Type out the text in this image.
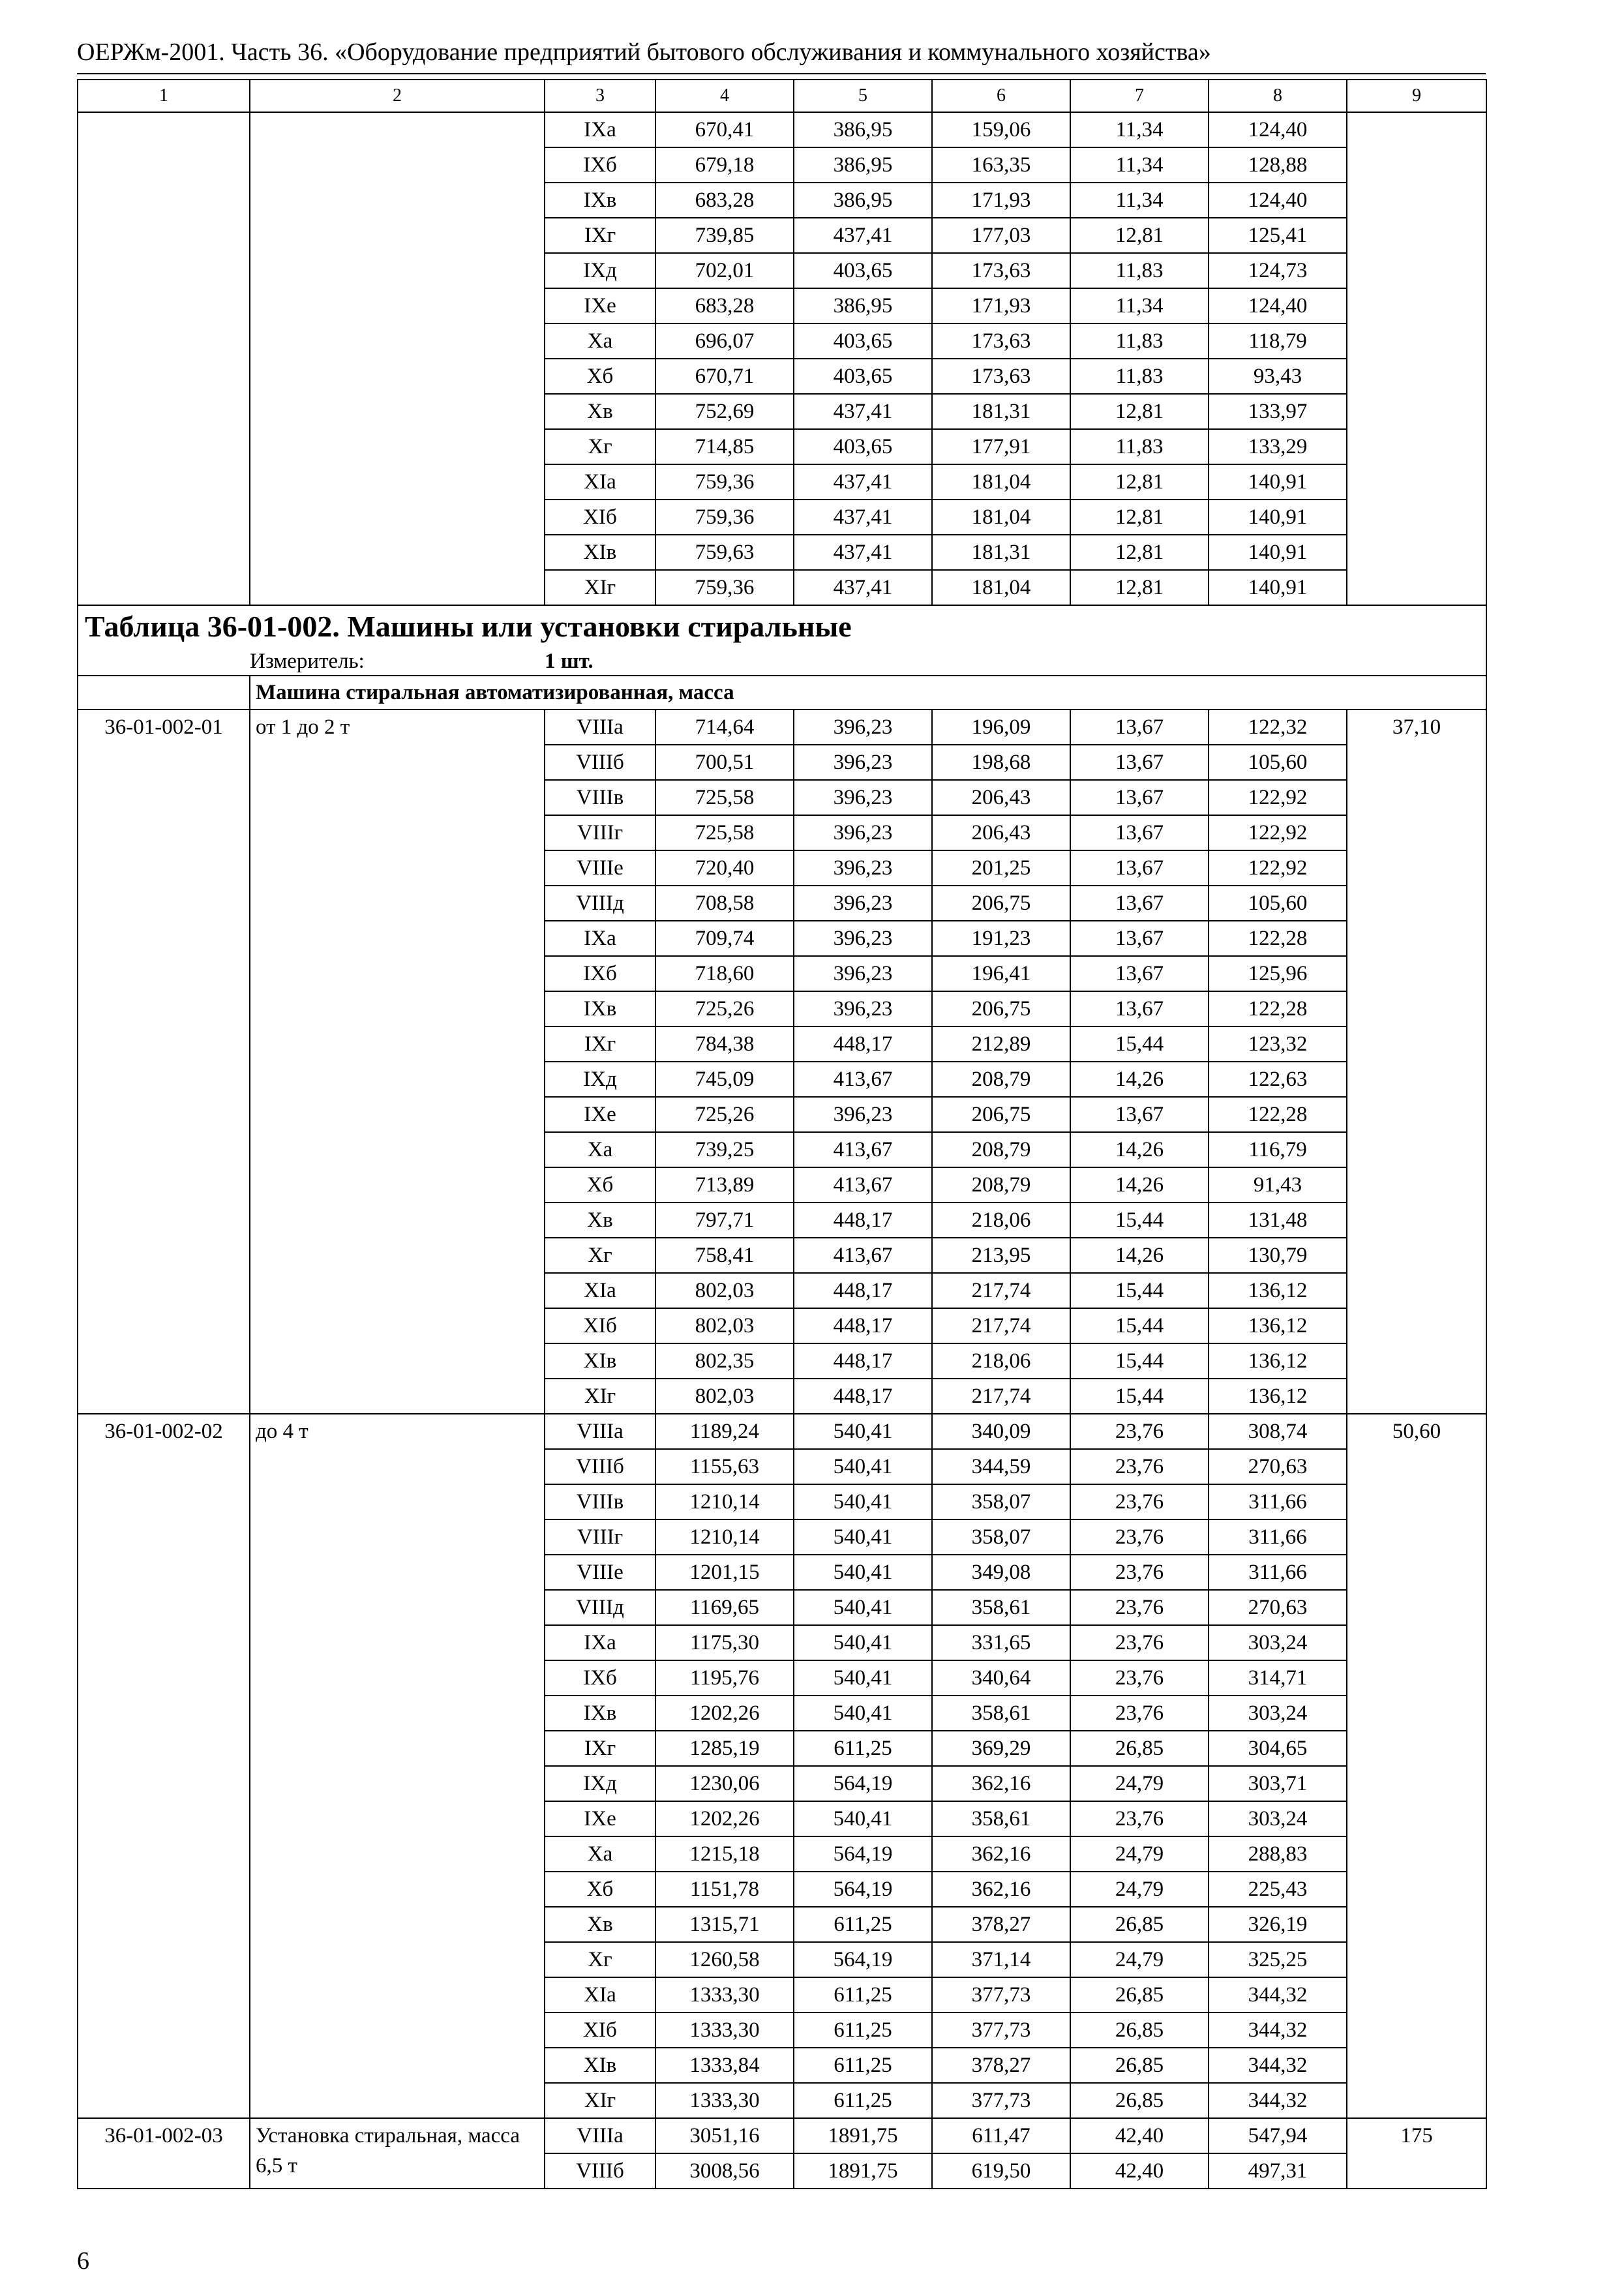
ОЕРЖм-2001. Часть 36. «Оборудование предприятий бытового обслуживания и коммунального хозяйства»
1	2	3	4	5	6	7	8	9
		IXа	670,41	386,95	159,06	11,34	124,40	
		IXб	679,18	386,95	163,35	11,34	128,88	
		IXв	683,28	386,95	171,93	11,34	124,40	
		IXг	739,85	437,41	177,03	12,81	125,41	
		IXд	702,01	403,65	173,63	11,83	124,73	
		IXе	683,28	386,95	171,93	11,34	124,40	
		Xа	696,07	403,65	173,63	11,83	118,79	
		Xб	670,71	403,65	173,63	11,83	93,43	
		Xв	752,69	437,41	181,31	12,81	133,97	
		Xг	714,85	403,65	177,91	11,83	133,29	
		XIа	759,36	437,41	181,04	12,81	140,91	
		XIб	759,36	437,41	181,04	12,81	140,91	
		XIв	759,63	437,41	181,31	12,81	140,91	
		XIг	759,36	437,41	181,04	12,81	140,91	
Таблица 36-01-002. Машины или установки стиральные								
	Измеритель:	1 шт.						
	Машина стиральная автоматизированная, масса							
36-01-002-01	от 1 до 2 т	VIIIа	714,64	396,23	196,09	13,67	122,32	37,10
		VIIIб	700,51	396,23	198,68	13,67	105,60	
		VIIIв	725,58	396,23	206,43	13,67	122,92	
		VIIIг	725,58	396,23	206,43	13,67	122,92	
		VIIIе	720,40	396,23	201,25	13,67	122,92	
		VIIIд	708,58	396,23	206,75	13,67	105,60	
		IXа	709,74	396,23	191,23	13,67	122,28	
		IXб	718,60	396,23	196,41	13,67	125,96	
		IXв	725,26	396,23	206,75	13,67	122,28	
		IXг	784,38	448,17	212,89	15,44	123,32	
		IXд	745,09	413,67	208,79	14,26	122,63	
		IXе	725,26	396,23	206,75	13,67	122,28	
		Xа	739,25	413,67	208,79	14,26	116,79	
		Xб	713,89	413,67	208,79	14,26	91,43	
		Xв	797,71	448,17	218,06	15,44	131,48	
		Xг	758,41	413,67	213,95	14,26	130,79	
		XIа	802,03	448,17	217,74	15,44	136,12	
		XIб	802,03	448,17	217,74	15,44	136,12	
		XIв	802,35	448,17	218,06	15,44	136,12	
		XIг	802,03	448,17	217,74	15,44	136,12	
36-01-002-02	до 4 т	VIIIа	1189,24	540,41	340,09	23,76	308,74	50,60
		VIIIб	1155,63	540,41	344,59	23,76	270,63	
		VIIIв	1210,14	540,41	358,07	23,76	311,66	
		VIIIг	1210,14	540,41	358,07	23,76	311,66	
		VIIIе	1201,15	540,41	349,08	23,76	311,66	
		VIIIд	1169,65	540,41	358,61	23,76	270,63	
		IXа	1175,30	540,41	331,65	23,76	303,24	
		IXб	1195,76	540,41	340,64	23,76	314,71	
		IXв	1202,26	540,41	358,61	23,76	303,24	
		IXг	1285,19	611,25	369,29	26,85	304,65	
		IXд	1230,06	564,19	362,16	24,79	303,71	
		IXе	1202,26	540,41	358,61	23,76	303,24	
		Xа	1215,18	564,19	362,16	24,79	288,83	
		Xб	1151,78	564,19	362,16	24,79	225,43	
		Xв	1315,71	611,25	378,27	26,85	326,19	
		Xг	1260,58	564,19	371,14	24,79	325,25	
		XIа	1333,30	611,25	377,73	26,85	344,32	
		XIб	1333,30	611,25	377,73	26,85	344,32	
		XIв	1333,84	611,25	378,27	26,85	344,32	
		XIг	1333,30	611,25	377,73	26,85	344,32	
36-01-002-03	Установка стиральная, масса 6,5 т	VIIIа	3051,16	1891,75	611,47	42,40	547,94	175
		VIIIб	3008,56	1891,75	619,50	42,40	497,31	
6
